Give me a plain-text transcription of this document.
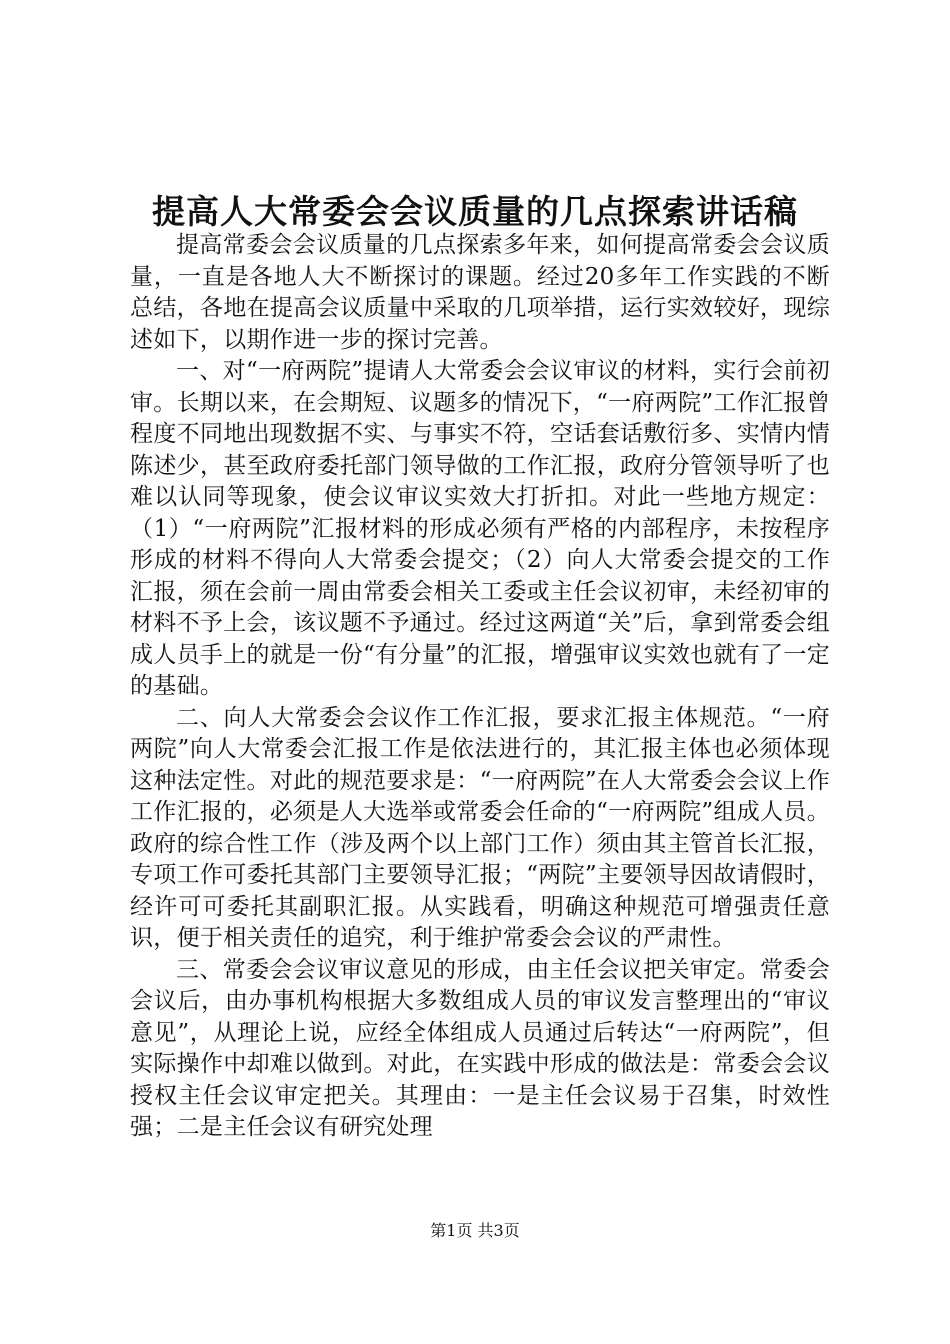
提高人大常委会会议质量的几点探索讲话稿

提高常委会会议质量的几点探索多年来，如何提高常委会会议质量，一直是各地人大不断探讨的课题。经过20多年工作实践的不断总结，各地在提高会议质量中采取的几项举措，运行实效较好，现综述如下，以期作进一步的探讨完善。

一、对“一府两院”提请人大常委会会议审议的材料，实行会前初审。长期以来，在会期短、议题多的情况下，“一府两院”工作汇报曾程度不同地出现数据不实、与事实不符，空话套话敷衍多、实情内情陈述少，甚至政府委托部门领导做的工作汇报，政府分管领导听了也难以认同等现象，使会议审议实效大打折扣。对此一些地方规定：（1）“一府两院”汇报材料的形成必须有严格的内部程序，未按程序形成的材料不得向人大常委会提交；（2）向人大常委会提交的工作汇报，须在会前一周由常委会相关工委或主任会议初审，未经初审的材料不予上会，该议题不予通过。经过这两道“关”后，拿到常委会组成人员手上的就是一份“有分量”的汇报，增强审议实效也就有了一定的基础。

二、向人大常委会会议作工作汇报，要求汇报主体规范。“一府两院”向人大常委会汇报工作是依法进行的，其汇报主体也必须体现这种法定性。对此的规范要求是：“一府两院”在人大常委会会议上作工作汇报的，必须是人大选举或常委会任命的“一府两院”组成人员。政府的综合性工作（涉及两个以上部门工作）须由其主管首长汇报，专项工作可委托其部门主要领导汇报；“两院”主要领导因故请假时，经许可可委托其副职汇报。从实践看，明确这种规范可增强责任意识，便于相关责任的追究，利于维护常委会会议的严肃性。

三、常委会会议审议意见的形成，由主任会议把关审定。常委会会议后，由办事机构根据大多数组成人员的审议发言整理出的“审议意见”，从理论上说，应经全体组成人员通过后转达“一府两院”，但实际操作中却难以做到。对此，在实践中形成的做法是：常委会会议授权主任会议审定把关。其理由：一是主任会议易于召集，时效性强；二是主任会议有研究处理

第1页 共3页
